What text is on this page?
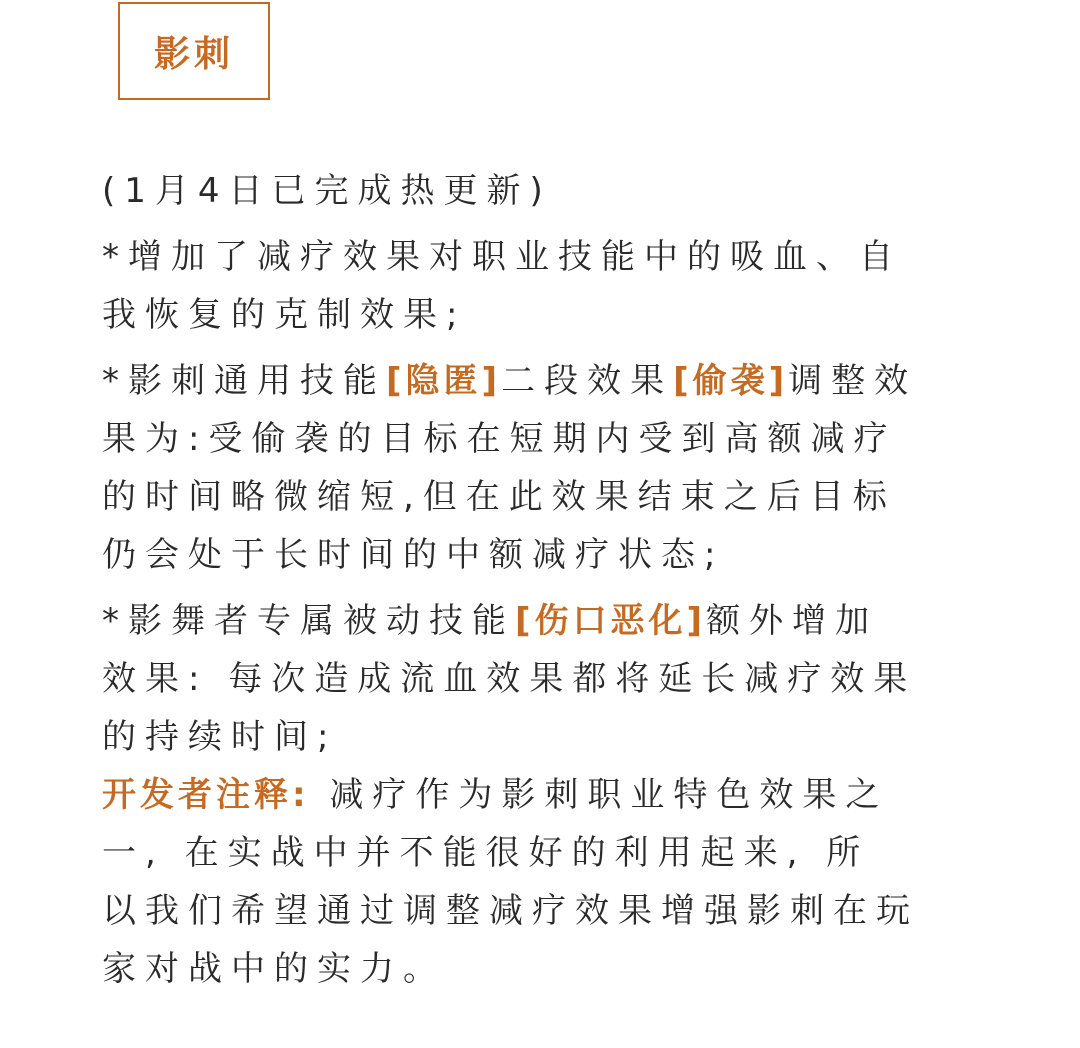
影刺
(1月4日已完成热更新)
*增加了减疗效果对职业技能中的吸血、自
我恢复的克制效果;
*影刺通用技能[隐匿]二段效果[偷袭]调整效
果为:受偷袭的目标在短期内受到高额减疗
的时间略微缩短,但在此效果结束之后目标
仍会处于长时间的中额减疗状态;
*影舞者专属被动技能[伤口恶化]额外增加
效果: 每次造成流血效果都将延长减疗效果
的持续时间;
开发者注释: 减疗作为影刺职业特色效果之
一, 在实战中并不能很好的利用起来, 所
以我们希望通过调整减疗效果增强影刺在玩
家对战中的实力。
